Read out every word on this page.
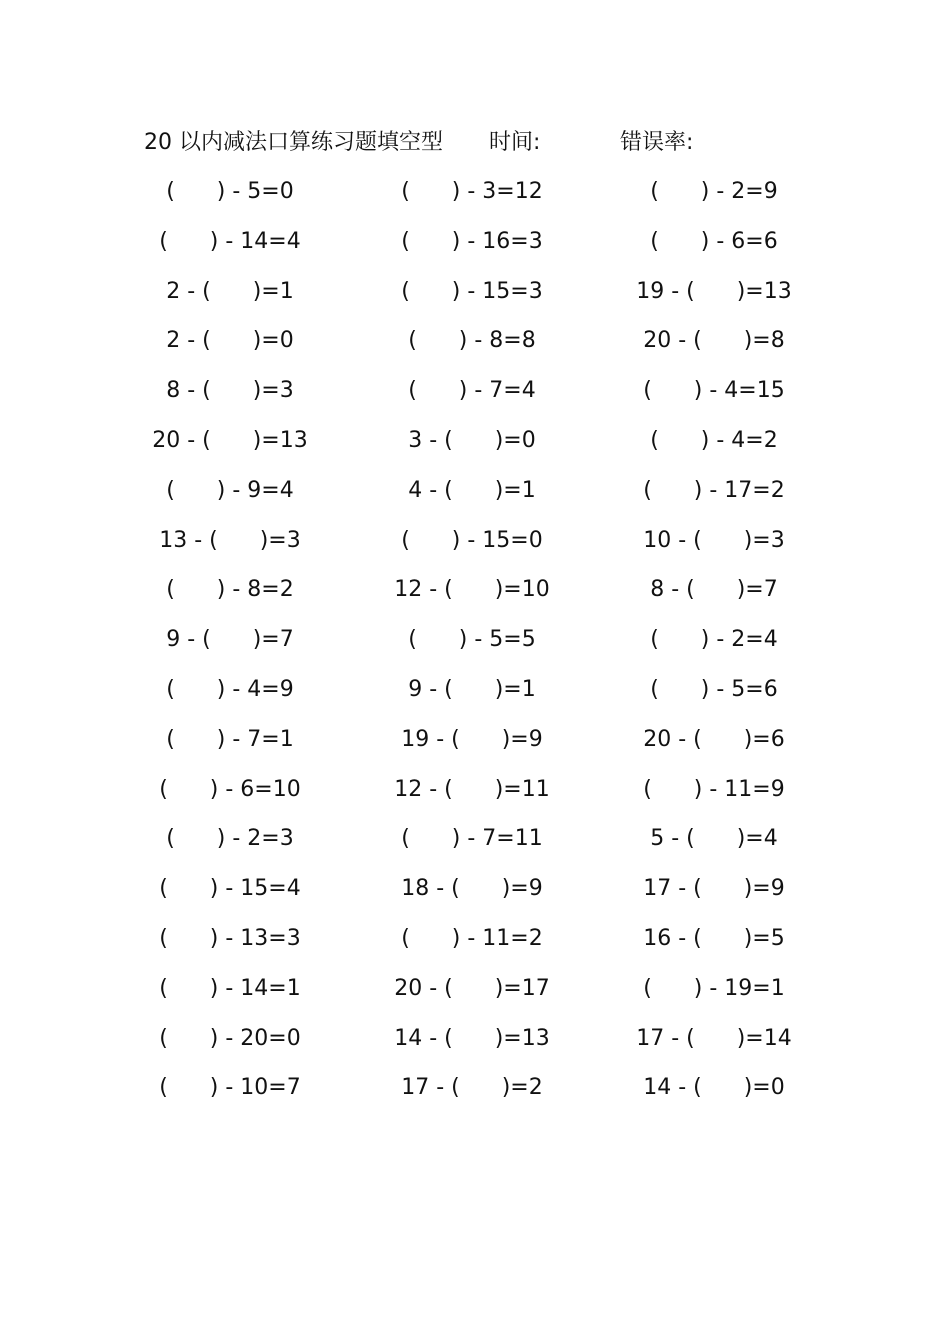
20 以内减法口算练习题填空型 时间:	错误率:
(      ) - 5=0	(      ) - 3=12	(      ) - 2=9
(      ) - 14=4	(      ) - 16=3	(      ) - 6=6
2 - (      )=1	(      ) - 15=3	19 - (      )=13
2 - (      )=0	(      ) - 8=8	20 - (      )=8
8 - (      )=3	(      ) - 7=4	(      ) - 4=15
20 - (      )=13	3 - (      )=0	(      ) - 4=2
(      ) - 9=4	4 - (      )=1	(      ) - 17=2
13 - (      )=3	(      ) - 15=0	10 - (      )=3
(      ) - 8=2	12 - (      )=10	8 - (      )=7
9 - (      )=7	(      ) - 5=5	(      ) - 2=4
(      ) - 4=9	9 - (      )=1	(      ) - 5=6
(      ) - 7=1	19 - (      )=9	20 - (      )=6
(      ) - 6=10	12 - (      )=11	(      ) - 11=9
(      ) - 2=3	(      ) - 7=11	5 - (      )=4
(      ) - 15=4	18 - (      )=9	17 - (      )=9
(      ) - 13=3	(      ) - 11=2	16 - (      )=5
(      ) - 14=1	20 - (      )=17	(      ) - 19=1
(      ) - 20=0	14 - (      )=13	17 - (      )=14
(      ) - 10=7	17 - (      )=2	14 - (      )=0
